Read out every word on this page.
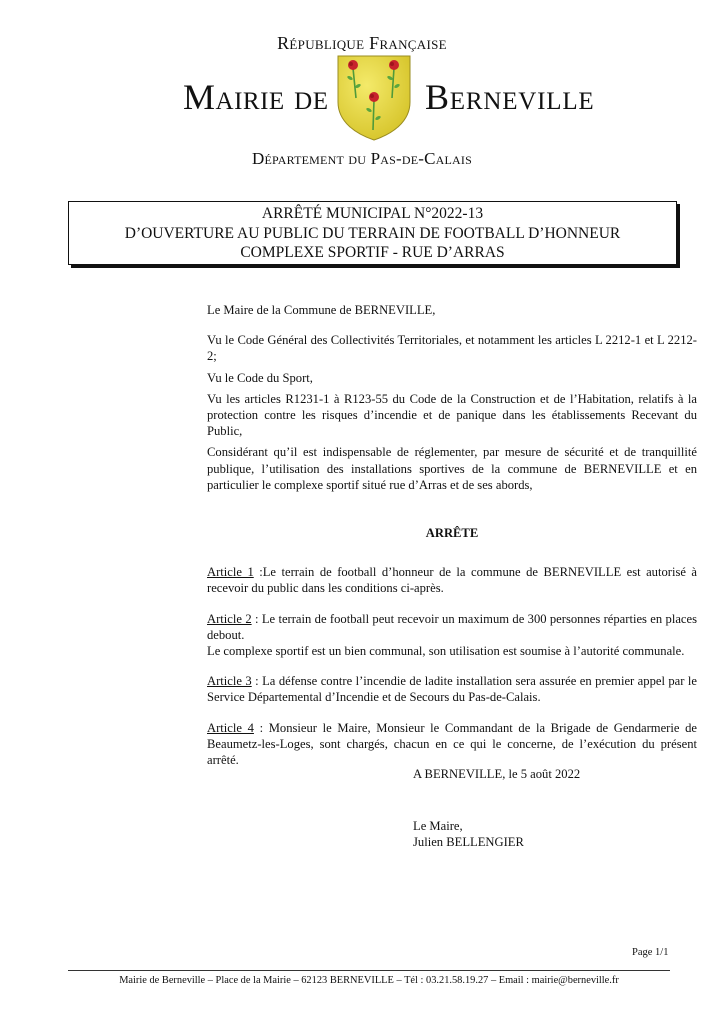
République Française
Mairie de	Berneville
Département du Pas-de-Calais
ARRÊTÉ MUNICIPAL N°2022-13
D’OUVERTURE AU PUBLIC DU TERRAIN DE FOOTBALL D’HONNEUR
COMPLEXE SPORTIF - RUE D’ARRAS

Le Maire de la Commune de BERNEVILLE,

Vu le Code Général des Collectivités Territoriales, et notamment les articles L 2212-1 et L 2212-2;

Vu le Code du Sport,

Vu les articles R1231-1 à R123-55 du Code de la Construction et de l’Habitation, relatifs à la protection contre les risques d’incendie et de panique dans les établissements Recevant du Public,

Considérant qu’il est indispensable de réglementer, par mesure de sécurité et de tranquillité publique, l’utilisation des installations sportives de la commune de BERNEVILLE et en particulier le complexe sportif situé rue d’Arras et de ses abords,

ARRÊTE

Article 1 :Le terrain de football d’honneur de la commune de BERNEVILLE est autorisé à recevoir du public dans les conditions ci-après.

Article 2 : Le terrain de football peut recevoir un maximum de 300 personnes réparties en places debout.

Le complexe sportif est un bien communal, son utilisation est soumise à l’autorité communale.

Article 3 : La défense contre l’incendie de ladite installation sera assurée en premier appel par le Service Départemental d’Incendie et de Secours du Pas-de-Calais.

Article 4 : Monsieur le Maire, Monsieur le Commandant de la Brigade de Gendarmerie de Beaumetz-les-Loges, sont chargés, chacun en ce qui le concerne, de l’exécution du présent arrêté.

A BERNEVILLE, le 5 août 2022
Le Maire,
Julien BELLENGIER
Page 1/1
Mairie de Berneville – Place de la Mairie – 62123 BERNEVILLE – Tél : 03.21.58.19.27 – Email : mairie@berneville.fr
